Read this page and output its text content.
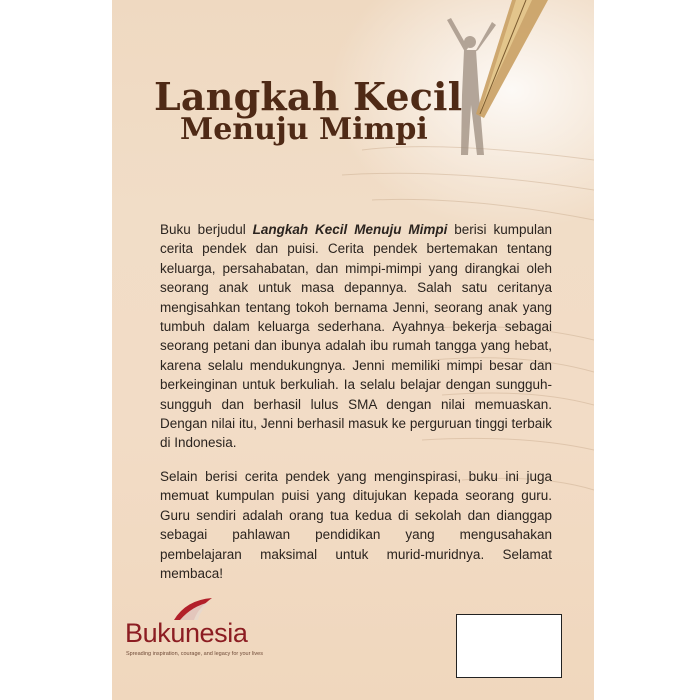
Langkah Kecil
Menuju Mimpi

Buku berjudul Langkah Kecil Menuju Mimpi berisi kumpulan cerita pendek dan puisi. Cerita pendek bertemakan tentang keluarga, persahabatan, dan mimpi-mimpi yang dirangkai oleh seorang anak untuk masa depannya. Salah satu ceritanya mengisahkan tentang tokoh bernama Jenni, seorang anak yang tumbuh dalam keluarga sederhana. Ayahnya bekerja sebagai seorang petani dan ibunya adalah ibu rumah tangga yang hebat, karena selalu mendukungnya. Jenni memiliki mimpi besar dan berkeinginan untuk berkuliah. Ia selalu belajar dengan sungguh-sungguh dan berhasil lulus SMA dengan nilai memuaskan. Dengan nilai itu, Jenni berhasil masuk ke perguruan tinggi terbaik di Indonesia.

Selain berisi cerita pendek yang menginspirasi, buku ini juga memuat kumpulan puisi yang ditujukan kepada seorang guru. Guru sendiri adalah orang tua kedua di sekolah dan dianggap sebagai pahlawan pendidikan yang mengusahakan pembelajaran maksimal untuk murid-muridnya. Selamat membaca!

Bukunesia
Spreading inspiration, courage, and legacy for your lives
